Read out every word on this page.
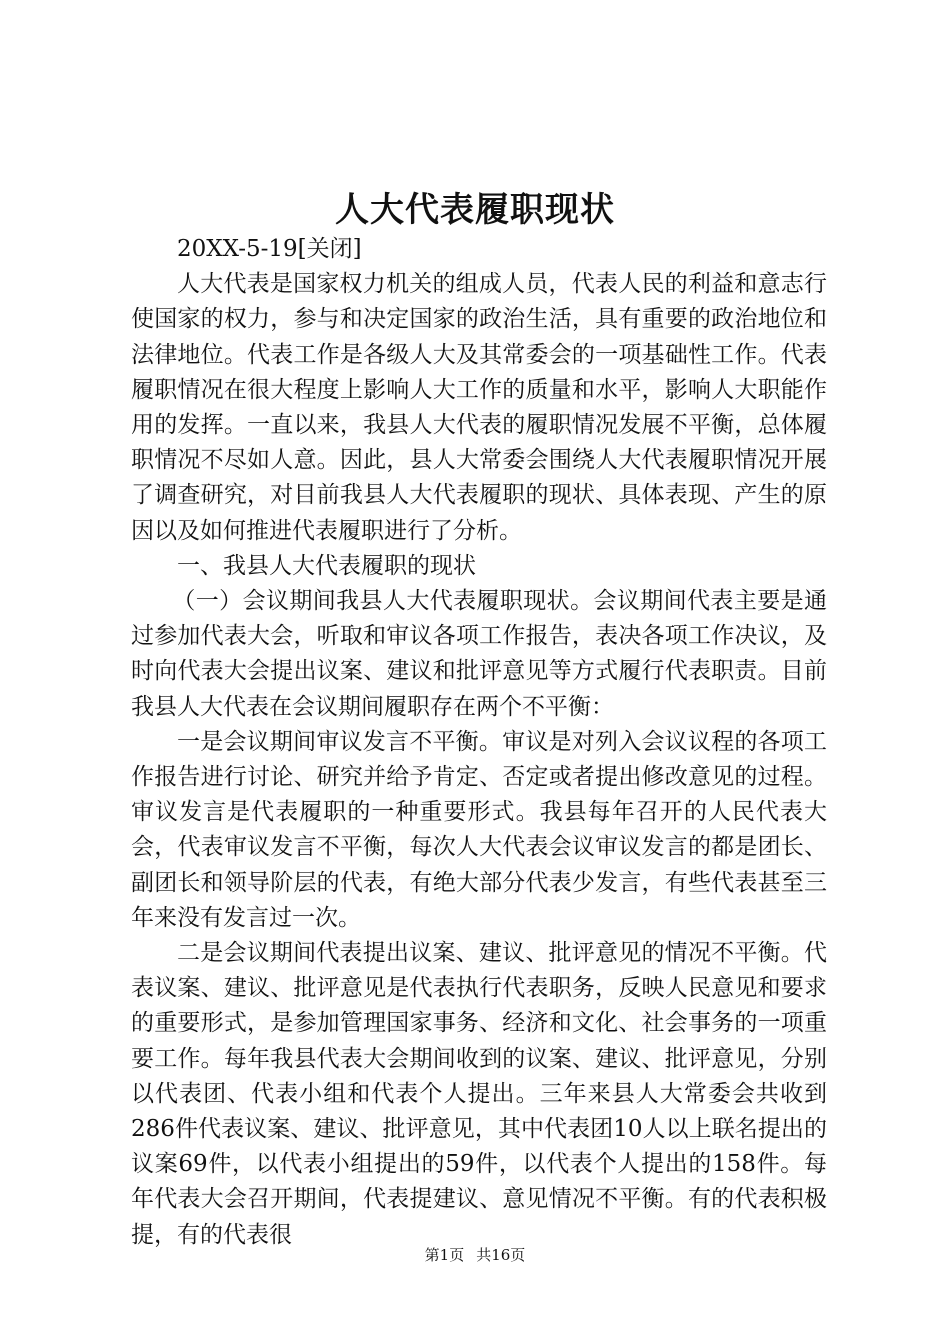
人大代表履职现状

20XX-5-19[关闭]

人大代表是国家权力机关的组成人员，代表人民的利益和意志行使国家的权力，参与和决定国家的政治生活，具有重要的政治地位和法律地位。代表工作是各级人大及其常委会的一项基础性工作。代表履职情况在很大程度上影响人大工作的质量和水平，影响人大职能作用的发挥。一直以来，我县人大代表的履职情况发展不平衡，总体履职情况不尽如人意。因此，县人大常委会围绕人大代表履职情况开展了调查研究，对目前我县人大代表履职的现状、具体表现、产生的原因以及如何推进代表履职进行了分析。

一、我县人大代表履职的现状

（一）会议期间我县人大代表履职现状。会议期间代表主要是通过参加代表大会，听取和审议各项工作报告，表决各项工作决议，及时向代表大会提出议案、建议和批评意见等方式履行代表职责。目前我县人大代表在会议期间履职存在两个不平衡：

一是会议期间审议发言不平衡。审议是对列入会议议程的各项工作报告进行讨论、研究并给予肯定、否定或者提出修改意见的过程。审议发言是代表履职的一种重要形式。我县每年召开的人民代表大会，代表审议发言不平衡，每次人大代表会议审议发言的都是团长、副团长和领导阶层的代表，有绝大部分代表少发言，有些代表甚至三年来没有发言过一次。

二是会议期间代表提出议案、建议、批评意见的情况不平衡。代表议案、建议、批评意见是代表执行代表职务，反映人民意见和要求的重要形式，是参加管理国家事务、经济和文化、社会事务的一项重要工作。每年我县代表大会期间收到的议案、建议、批评意见，分别以代表团、代表小组和代表个人提出。三年来县人大常委会共收到286件代表议案、建议、批评意见，其中代表团10人以上联名提出的议案69件，以代表小组提出的59件，以代表个人提出的158件。每年代表大会召开期间，代表提建议、意见情况不平衡。有的代表积极提，有的代表很

第1页 共16页
